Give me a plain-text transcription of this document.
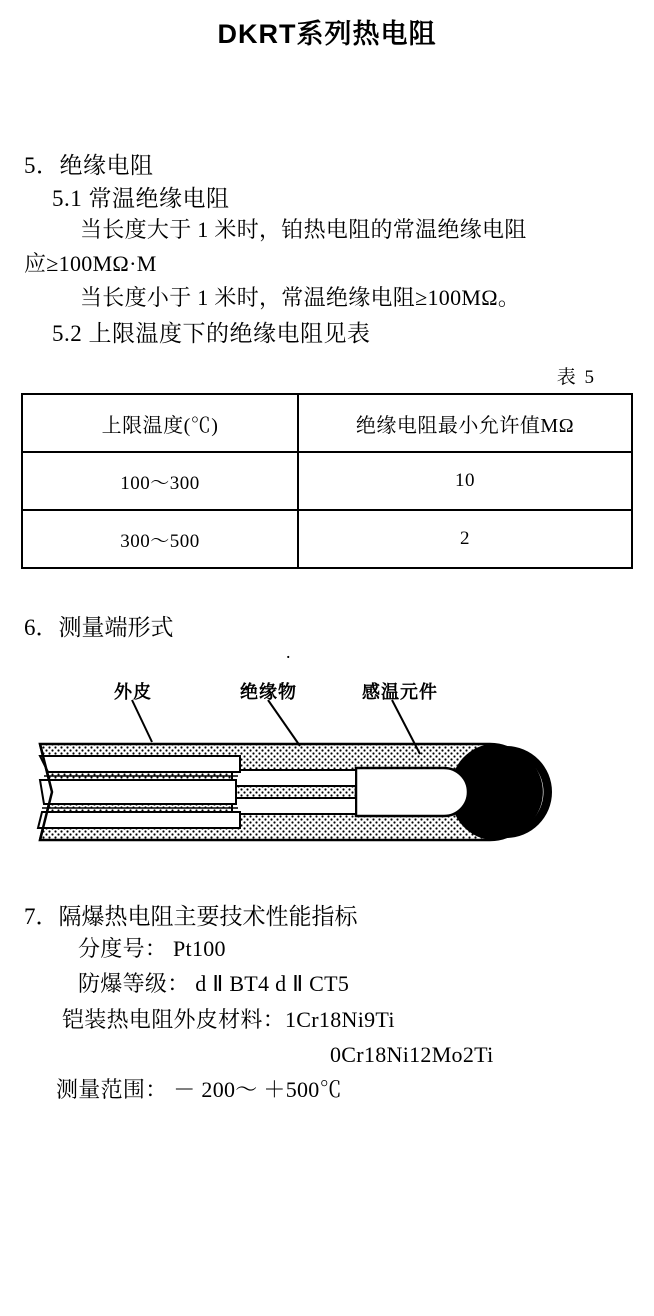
DKRT系列热电阻
5．绝缘电阻
5.1 常温绝缘电阻
当长度大于 1 米时，铂热电阻的常温绝缘电阻
应≥100MΩ·M
当长度小于 1 米时，常温绝缘电阻≥100MΩ。
5.2 上限温度下的绝缘电阻见表
表 5
上限温度(℃)	绝缘电阻最小允许值MΩ
100～300	10
300～500	2
.
6．测量端形式
外皮	绝缘物	感温元件
7．隔爆热电阻主要技术性能指标
分度号： Pt100
防爆等级： d Ⅱ BT4 d Ⅱ CT5
铠装热电阻外皮材料：1Cr18Ni9Ti
0Cr18Ni12Mo2Ti
测量范围： － 200～ ＋500℃
